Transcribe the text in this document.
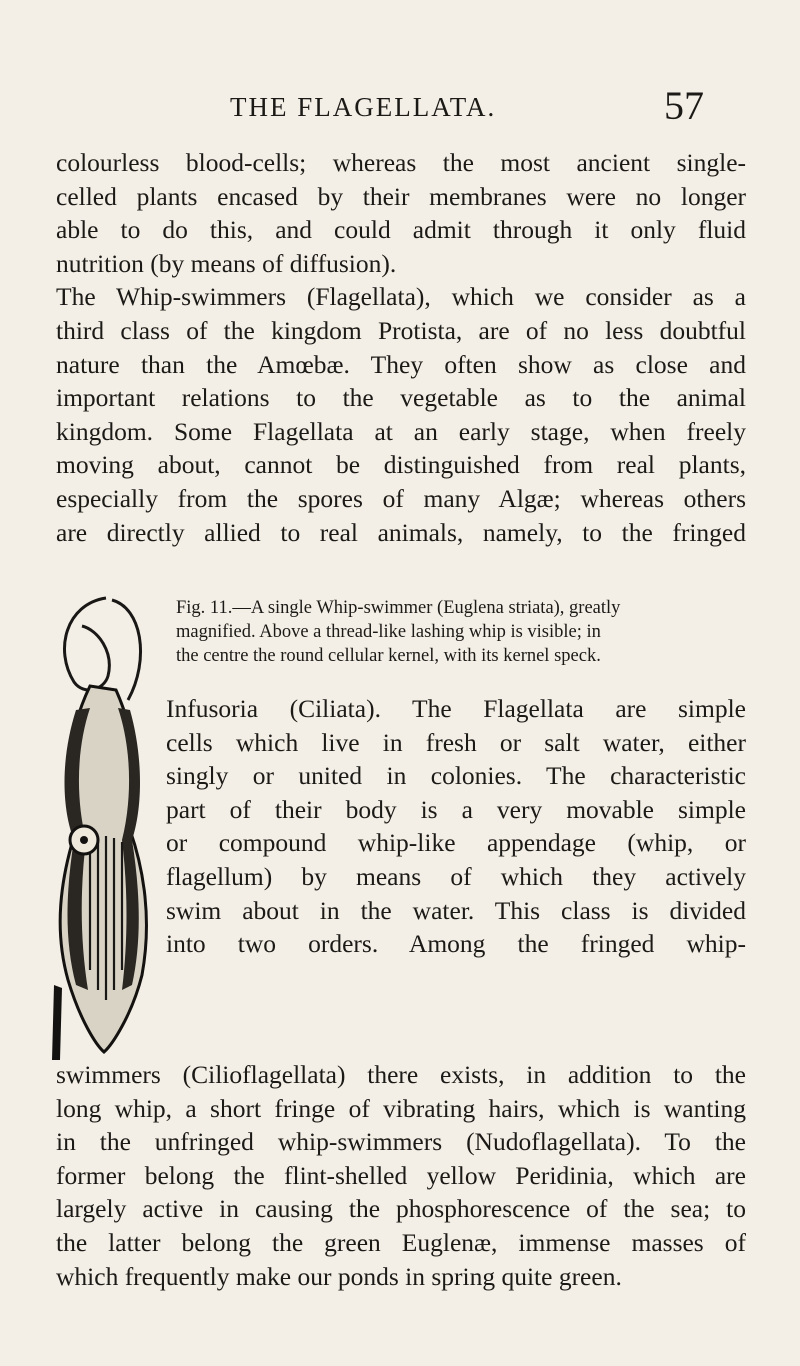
THE FLAGELLATA.	57
colourless blood-cells; whereas the most ancient single-
celled plants encased by their membranes were no longer
able to do this, and could admit through it only fluid
nutrition (by means of diffusion).
The Whip-swimmers (Flagellata), which we consider as a
third class of the kingdom Protista, are of no less doubtful
nature than the Amœbæ. They often show as close and
important relations to the vegetable as to the animal
kingdom. Some Flagellata at an early stage, when freely
moving about, cannot be distinguished from real plants,
especially from the spores of many Algæ; whereas others
are directly allied to real animals, namely, to the fringed
Fig. 11.—A single Whip-swimmer (Euglena striata), greatly
magnified. Above a thread-like lashing whip is visible; in
the centre the round cellular kernel, with its kernel speck.
Infusoria (Ciliata). The Flagellata are simple
cells which live in fresh or salt water, either
singly or united in colonies. The characteristic
part of their body is a very movable simple
or compound whip-like appendage (whip, or
flagellum) by means of which they actively
swim about in the water. This class is divided
into two orders. Among the fringed whip-
swimmers (Cilioflagellata) there exists, in addition to the
long whip, a short fringe of vibrating hairs, which is wanting
in the unfringed whip-swimmers (Nudoflagellata). To the
former belong the flint-shelled yellow Peridinia, which are
largely active in causing the phosphorescence of the sea; to
the latter belong the green Euglenæ, immense masses of
which frequently make our ponds in spring quite green.
